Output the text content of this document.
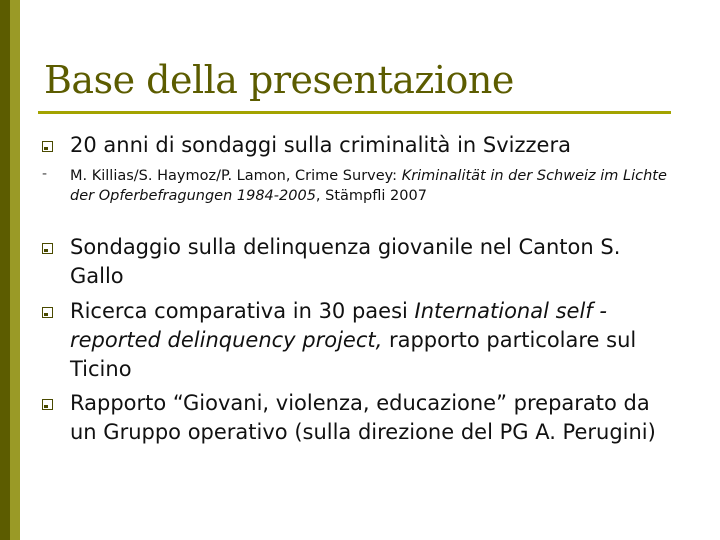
Base della presentazione
20 anni di sondaggi sulla criminalità in Svizzera
- M. Killias/S. Haymoz/P. Lamon, Crime Survey: Kriminalität in der Schweiz im Lichte der Opferbefragungen 1984-2005, Stämpfli 2007
Sondaggio sulla delinquenza giovanile nel Canton S. Gallo
Ricerca comparativa in 30 paesi International self -reported delinquency project, rapporto particolare sul Ticino
Rapporto “Giovani, violenza, educazione” preparato da un Gruppo operativo (sulla direzione del PG A. Perugini)
